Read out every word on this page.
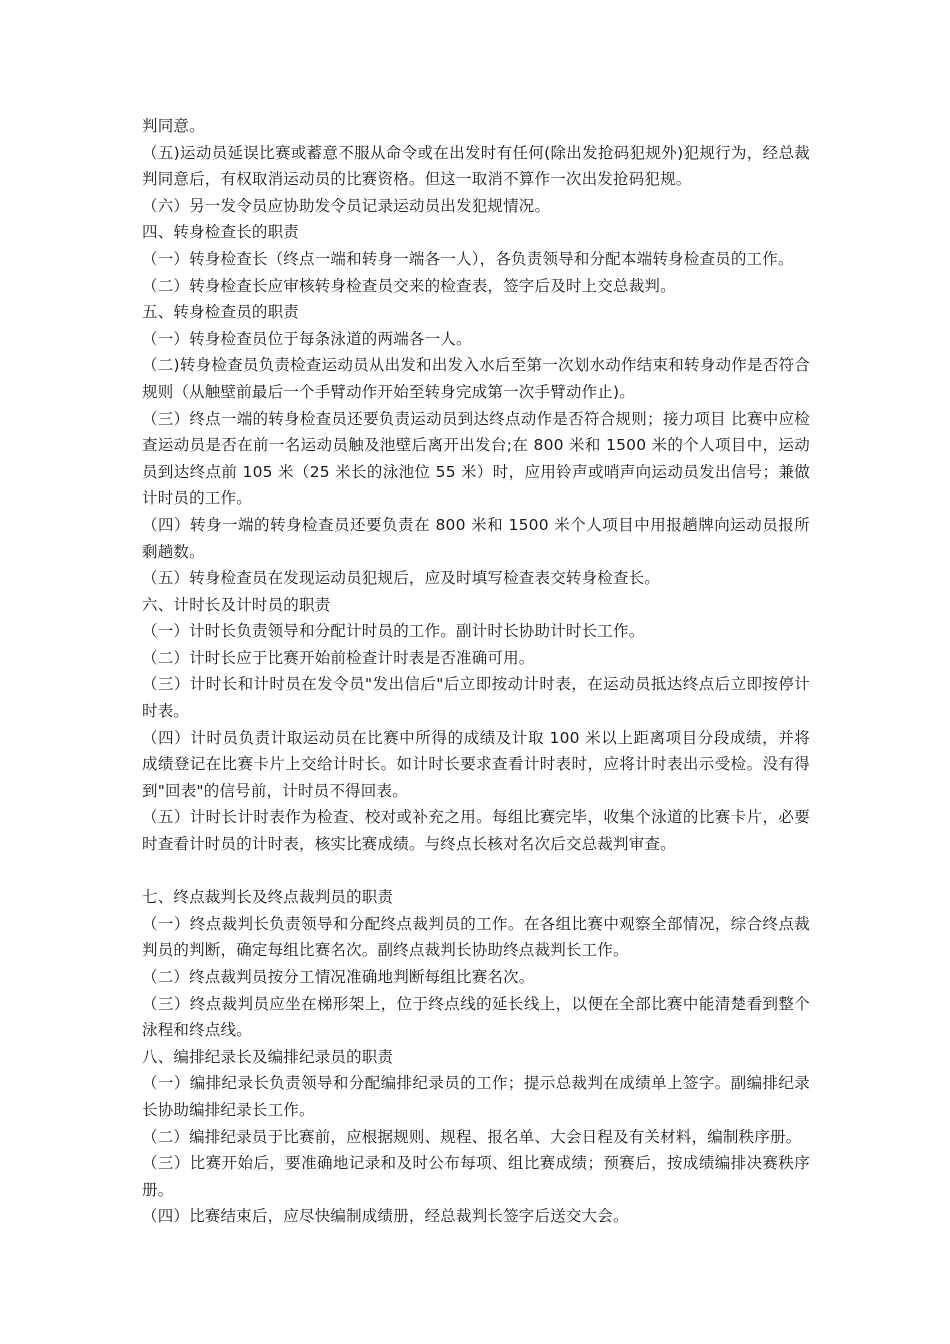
判同意。

（五)运动员延误比赛或蓄意不服从命令或在出发时有任何(除出发抢码犯规外)犯规行为，经总裁判同意后，有权取消运动员的比赛资格。但这一取消不算作一次出发抢码犯规。

（六）另一发令员应协助发令员记录运动员出发犯规情况。

四、转身检查长的职责

（一）转身检查长（终点一端和转身一端各一人），各负责领导和分配本端转身检查员的工作。

（二）转身检查长应审核转身检查员交来的检查表，签字后及时上交总裁判。

五、转身检查员的职责

（一）转身检查员位于每条泳道的两端各一人。

（二)转身检查员负责检查运动员从出发和出发入水后至第一次划水动作结束和转身动作是否符合规则（从触壁前最后一个手臂动作开始至转身完成第一次手臂动作止)。

（三）终点一端的转身检查员还要负责运动员到达终点动作是否符合规则；接力项目 比赛中应检查运动员是否在前一名运动员触及池壁后离开出发台;在 800 米和 1500 米的个人项目中，运动员到达终点前 105 米（25 米长的泳池位 55 米）时，应用铃声或哨声向运动员发出信号；兼做计时员的工作。

（四）转身一端的转身检查员还要负责在 800 米和 1500 米个人项目中用报趟牌向运动员报所剩趟数。

（五）转身检查员在发现运动员犯规后，应及时填写检查表交转身检查长。

六、计时长及计时员的职责

（一）计时长负责领导和分配计时员的工作。副计时长协助计时长工作。

（二）计时长应于比赛开始前检查计时表是否准确可用。

（三）计时长和计时员在发令员"发出信后"后立即按动计时表，在运动员抵达终点后立即按停计时表。

（四）计时员负责计取运动员在比赛中所得的成绩及计取 100 米以上距离项目分段成绩，并将成绩登记在比赛卡片上交给计时长。如计时长要求查看计时表时，应将计时表出示受检。没有得到"回表"的信号前，计时员不得回表。

（五）计时长计时表作为检查、校对或补充之用。每组比赛完毕，收集个泳道的比赛卡片，必要时查看计时员的计时表，核实比赛成绩。与终点长核对名次后交总裁判审查。

七、终点裁判长及终点裁判员的职责

（一）终点裁判长负责领导和分配终点裁判员的工作。在各组比赛中观察全部情况，综合终点裁判员的判断，确定每组比赛名次。副终点裁判长协助终点裁判长工作。

（二）终点裁判员按分工情况准确地判断每组比赛名次。

（三）终点裁判员应坐在梯形架上，位于终点线的延长线上，以便在全部比赛中能清楚看到整个泳程和终点线。

八、编排纪录长及编排纪录员的职责

（一）编排纪录长负责领导和分配编排纪录员的工作；提示总裁判在成绩单上签字。副编排纪录长协助编排纪录长工作。

（二）编排纪录员于比赛前，应根据规则、规程、报名单、大会日程及有关材料，编制秩序册。

（三）比赛开始后，要准确地记录和及时公布每项、组比赛成绩；预赛后，按成绩编排决赛秩序册。

（四）比赛结束后，应尽快编制成绩册，经总裁判长签字后送交大会。
